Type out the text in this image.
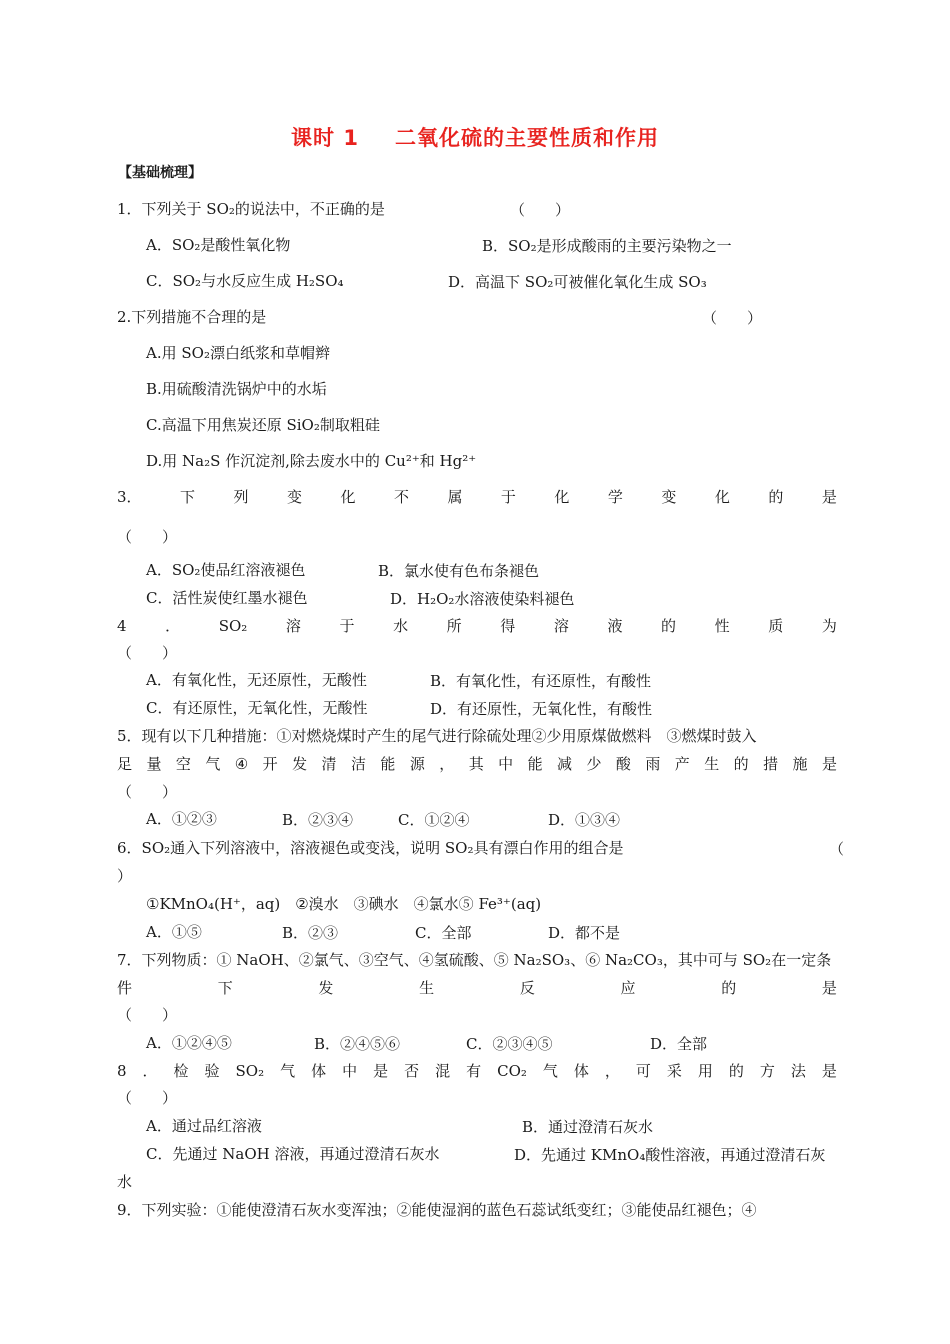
课时 1 二氧化硫的主要性质和作用
【基础梳理】
1．下列关于 SO₂的说法中，不正确的是	（　　）
A．SO₂是酸性氧化物	B．SO₂是形成酸雨的主要污染物之一
C．SO₂与水反应生成 H₂SO₄	D．高温下 SO₂可被催化氧化生成 SO₃
2.下列措施不合理的是	（　　）
A.用 SO₂漂白纸浆和草帽辫
B.用硫酸清洗锅炉中的水垢
C.高温下用焦炭还原 SiO₂制取粗硅
D.用 Na₂S 作沉淀剂,除去废水中的 Cu²⁺和 Hg²⁺
3．	下	列	变	化	不	属	于	化	学	变	化	的	是
（　　）
A．SO₂使品红溶液褪色	B．氯水使有色布条褪色
C．活性炭使红墨水褪色	D．H₂O₂水溶液使染料褪色
4	．	SO₂	溶	于	水	所	得	溶	液	的	性	质	为
（　　）
A．有氧化性，无还原性，无酸性	B．有氧化性，有还原性，有酸性
C．有还原性，无氧化性，无酸性	D．有还原性，无氧化性，有酸性
5．现有以下几种措施：①对燃烧煤时产生的尾气进行除硫处理②少用原煤做燃料　③燃煤时鼓入
足 量 空 气 ④ 开 发 清 洁 能 源 ， 其 中 能 减 少 酸 雨 产 生 的 措 施 是
（　　）
A．①②③	B．②③④	C．①②④	D．①③④
6．SO₂通入下列溶液中，溶液褪色或变浅，说明 SO₂具有漂白作用的组合是	（
）
①KMnO₄(H⁺，aq)　②溴水　③碘水　④氯水⑤ Fe³⁺(aq)
A．①⑤	B．②③	C．全部	D．都不是
7．下列物质：① NaOH、②氯气、③空气、④氢硫酸、⑤ Na₂SO₃、⑥ Na₂CO₃，其中可与 SO₂在一定条
件	下	发	生	反	应	的	是
（　　）
A．①②④⑤	B．②④⑤⑥	C．②③④⑤	D．全部
8 ． 检 验 SO₂ 气 体 中 是 否 混 有 CO₂ 气 体 ， 可 采 用 的 方 法 是
（　　）
A．通过品红溶液	B．通过澄清石灰水
C．先通过 NaOH 溶液，再通过澄清石灰水	D．先通过 KMnO₄酸性溶液，再通过澄清石灰
水
9．下列实验：①能使澄清石灰水变浑浊；②能使湿润的蓝色石蕊试纸变红；③能使品红褪色；④
